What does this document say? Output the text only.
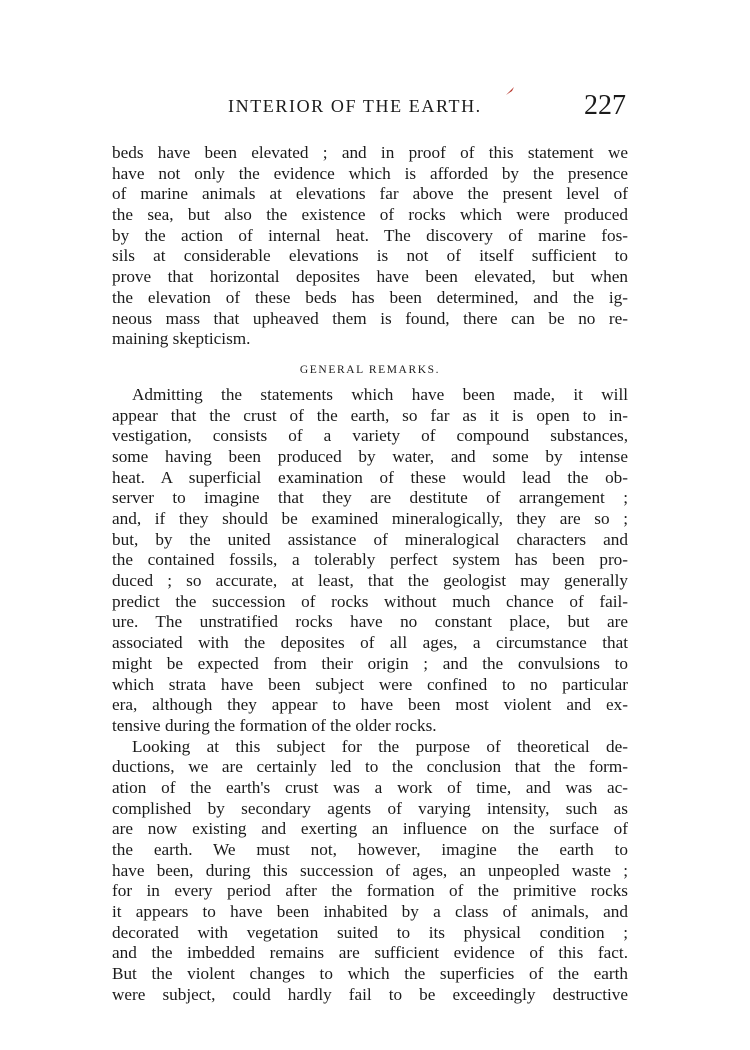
INTERIOR OF THE EARTH.	227
beds have been elevated ; and in proof of this statement we
have not only the evidence which is afforded by the presence
of marine animals at elevations far above the present level of
the sea, but also the existence of rocks which were produced
by the action of internal heat. The discovery of marine fos-
sils at considerable elevations is not of itself sufficient to
prove that horizontal deposites have been elevated, but when
the elevation of these beds has been determined, and the ig-
neous mass that upheaved them is found, there can be no re-
maining skepticism.
GENERAL REMARKS.
Admitting the statements which have been made, it will
appear that the crust of the earth, so far as it is open to in-
vestigation, consists of a variety of compound substances,
some having been produced by water, and some by intense
heat. A superficial examination of these would lead the ob-
server to imagine that they are destitute of arrangement ;
and, if they should be examined mineralogically, they are so ;
but, by the united assistance of mineralogical characters and
the contained fossils, a tolerably perfect system has been pro-
duced ; so accurate, at least, that the geologist may generally
predict the succession of rocks without much chance of fail-
ure. The unstratified rocks have no constant place, but are
associated with the deposites of all ages, a circumstance that
might be expected from their origin ; and the convulsions to
which strata have been subject were confined to no particular
era, although they appear to have been most violent and ex-
tensive during the formation of the older rocks.
Looking at this subject for the purpose of theoretical de-
ductions, we are certainly led to the conclusion that the form-
ation of the earth's crust was a work of time, and was ac-
complished by secondary agents of varying intensity, such as
are now existing and exerting an influence on the surface of
the earth. We must not, however, imagine the earth to
have been, during this succession of ages, an unpeopled waste ;
for in every period after the formation of the primitive rocks
it appears to have been inhabited by a class of animals, and
decorated with vegetation suited to its physical condition ;
and the imbedded remains are sufficient evidence of this fact.
But the violent changes to which the superficies of the earth
were subject, could hardly fail to be exceedingly destructive
